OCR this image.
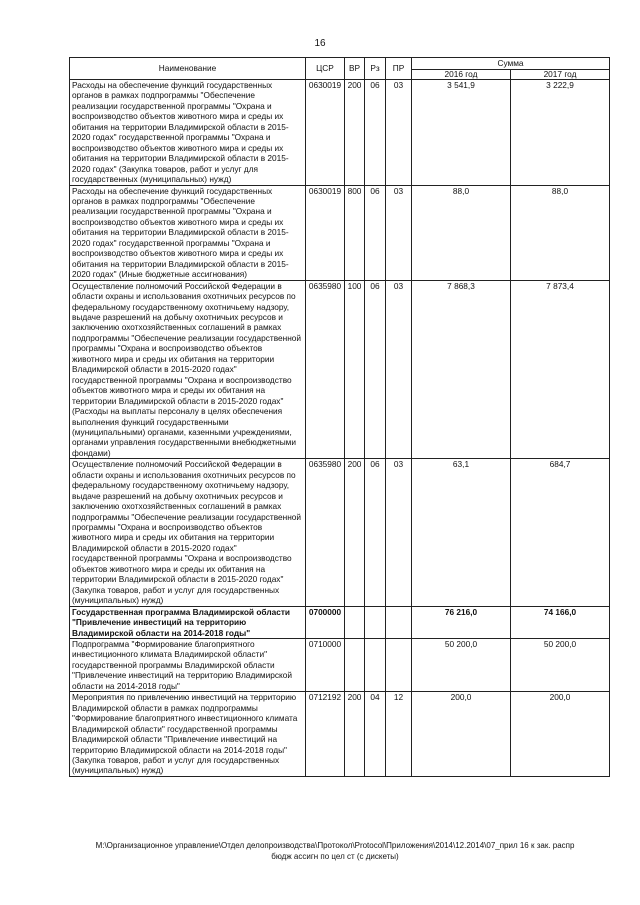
16
Наименование	ЦСР	ВР	Рз	ПР	Сумма	
					2016 год	2017 год
Расходы на обеспечение функций государственных органов в рамках подпрограммы "Обеспечение реализации государственной программы "Охрана и воспроизводство объектов животного мира и среды их обитания на территории Владимирской области в 2015-2020 годах" государственной программы "Охрана и воспроизводство объектов животного мира и среды их обитания на территории Владимирской области в 2015-2020 годах" (Закупка товаров, работ и услуг для государственных (муниципальных) нужд)	0630019	200	06	03	3 541,9	3 222,9
Расходы на обеспечение функций государственных органов в рамках подпрограммы "Обеспечение реализации государственной программы "Охрана и воспроизводство объектов животного мира и среды их обитания на территории Владимирской области в 2015-2020 годах" государственной программы "Охрана и воспроизводство объектов животного мира и среды их обитания на территории Владимирской области в 2015-2020 годах" (Иные бюджетные ассигнования)	0630019	800	06	03	88,0	88,0
Осуществление полномочий Российской Федерации в области охраны и использования охотничьих ресурсов по федеральному государственному охотничьему надзору, выдаче разрешений на добычу охотничьих ресурсов и заключению охотхозяйственных соглашений в рамках подпрограммы "Обеспечение реализации государственной программы "Охрана и воспроизводство объектов животного мира и среды их обитания на территории Владимирской области в 2015-2020 годах" государственной программы "Охрана и воспроизводство объектов животного мира и среды их обитания на территории Владимирской области в 2015-2020 годах" (Расходы на выплаты персоналу в целях обеспечения выполнения функций государственными (муниципальными) органами, казенными учреждениями, органами управления государственными внебюджетными фондами)	0635980	100	06	03	7 868,3	7 873,4
Осуществление полномочий Российской Федерации в области охраны и использования охотничьих ресурсов по федеральному государственному охотничьему надзору, выдаче разрешений на добычу охотничьих ресурсов и заключению охотхозяйственных соглашений в рамках подпрограммы "Обеспечение реализации государственной программы "Охрана и воспроизводство объектов животного мира и среды их обитания на территории Владимирской области в 2015-2020 годах" государственной программы "Охрана и воспроизводство объектов животного мира и среды их обитания на территории Владимирской области в 2015-2020 годах" (Закупка товаров, работ и услуг для государственных (муниципальных) нужд)	0635980	200	06	03	63,1	684,7
Государственная программа Владимирской области "Привлечение инвестиций на территорию Владимирской области на 2014-2018 годы"	0700000				76 216,0	74 166,0
Подпрограмма "Формирование благоприятного инвестиционного климата Владимирской области" государственной программы Владимирской области "Привлечение инвестиций на территорию Владимирской области на 2014-2018 годы"	0710000				50 200,0	50 200,0
Мероприятия по привлечению инвестиций на территорию Владимирской области в рамках подпрограммы "Формирование благоприятного инвестиционного климата Владимирской области" государственной программы Владимирской области "Привлечение инвестиций на территорию Владимирской области на 2014-2018 годы" (Закупка товаров, работ и услуг для государственных (муниципальных) нужд)	0712192	200	04	12	200,0	200,0
М:\Организационное управление\Отдел делопроизводства\Протокол\Protocol\Приложения\2014\12.2014\07_прил 16 к зак. распр
бюдж ассигн по цел ст (с дискеты)
